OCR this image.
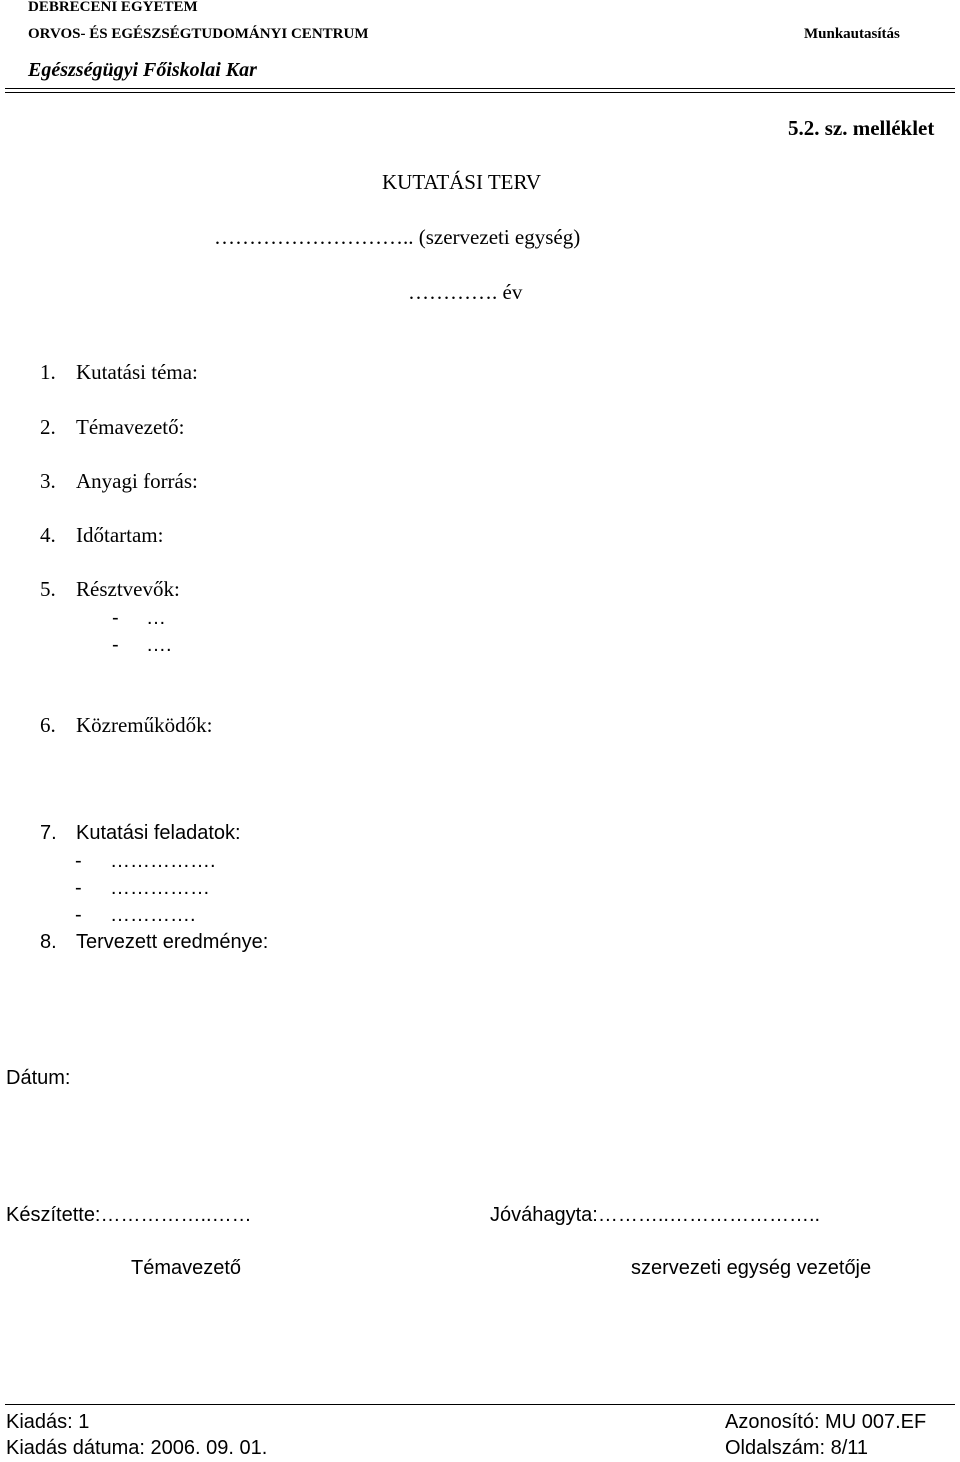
DEBRECENI EGYETEM
ORVOS- ÉS EGÉSZSÉGTUDOMÁNYI CENTRUM	Munkautasítás
Egészségügyi Főiskolai Kar
5.2. sz. melléklet
KUTATÁSI TERV
……………………….. (szervezeti egység)
…………. év
1. Kutatási téma:
2. Témavezető:
3. Anyagi forrás:
4. Időtartam:
5. Résztvevők:
- …
- ….
6. Közreműködők:
7. Kutatási feladatok:
- …………….
- ……………
- ………….
8. Tervezett eredménye:
Dátum:
Készítette:……………..……	Jóváhagyta:………..…………………..
Témavezető	szervezeti egység vezetője
Kiadás: 1	Azonosító: MU 007.EF
Kiadás dátuma: 2006. 09. 01.	Oldalszám: 8/11
